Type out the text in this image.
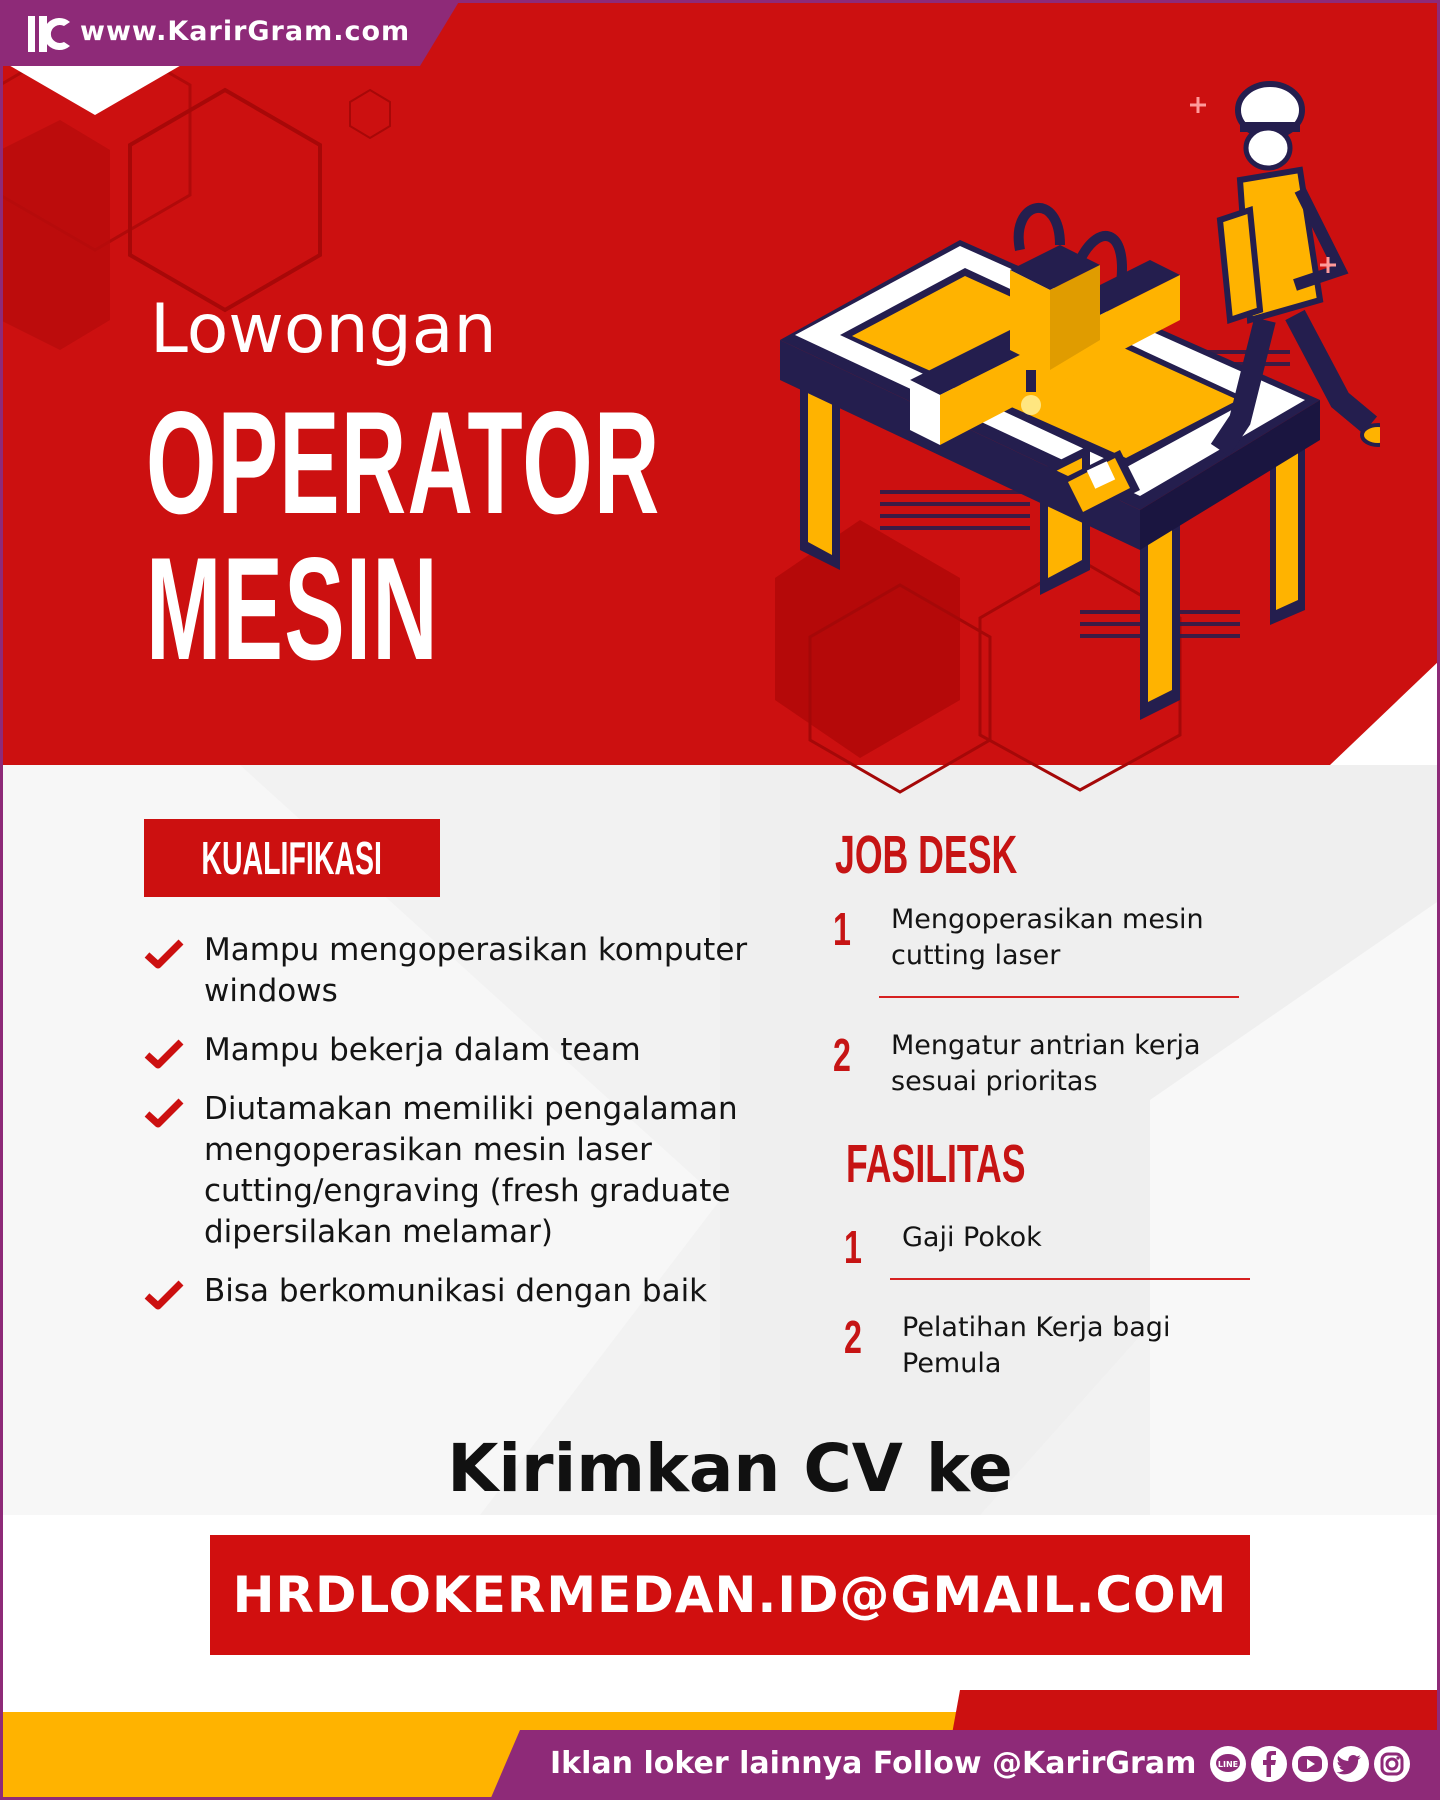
www.KarirGram.com
Lowongan
OPERATOR
MESIN
KUALIFIKASI
Mampu mengoperasikan komputer windows
Mampu bekerja dalam team
Diutamakan memiliki pengalaman mengoperasikan mesin laser cutting/engraving (fresh graduate dipersilakan melamar)
Bisa berkomunikasi dengan baik
JOB DESK
1 Mengoperasikan mesin cutting laser
2 Mengatur antrian kerja sesuai prioritas
FASILITAS
1 Gaji Pokok
2 Pelatihan Kerja bagi Pemula
Kirimkan CV ke
HRDLOKERMEDAN.ID@GMAIL.COM
Iklan loker lainnya Follow @KarirGram	LINE
